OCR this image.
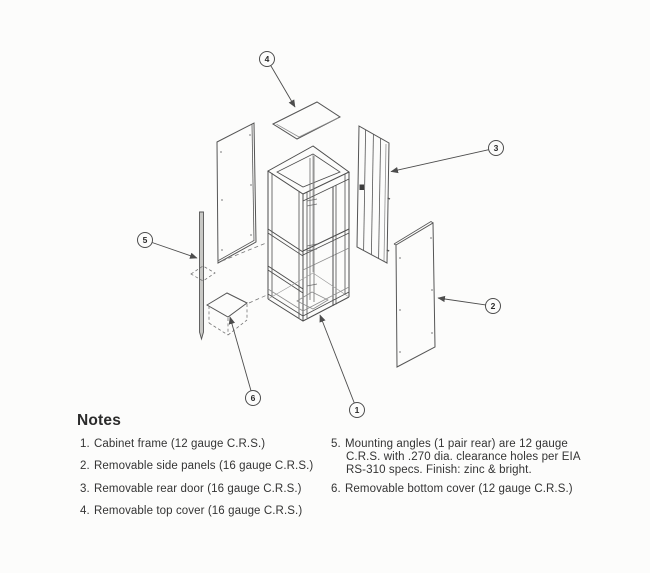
4
3
2
5
6
1
Notes
1. Cabinet frame (12 gauge C.R.S.)
2. Removable side panels (16 gauge C.R.S.)
3. Removable rear door (16 gauge C.R.S.)
4. Removable top cover (16 gauge C.R.S.)
5. Mounting angles (1 pair rear) are 12 gauge
C.R.S. with .270 dia. clearance holes per EIA
RS-310 specs. Finish: zinc & bright.
6. Removable bottom cover (12 gauge C.R.S.)
